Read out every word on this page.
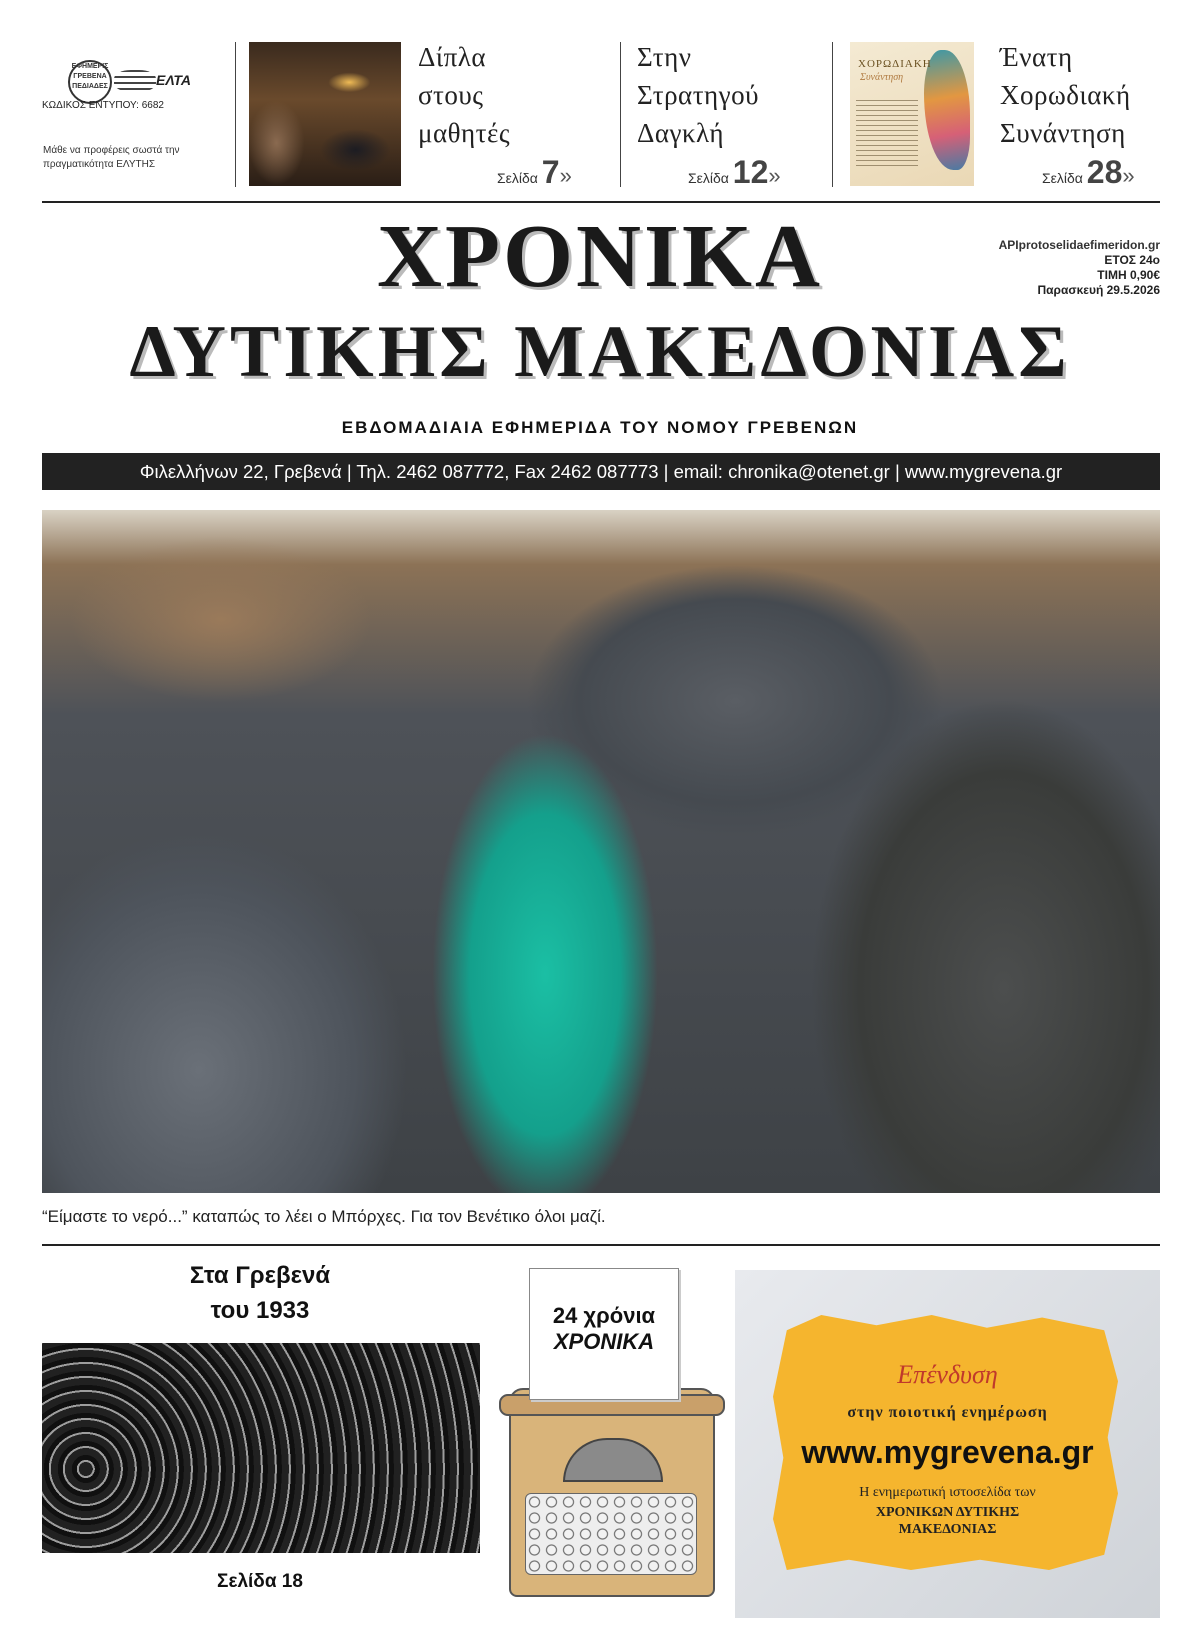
ΕΦΗΜΕΡΙΣ ΓΡΕΒΕΝΑ ΠΕΔΙΑΔΕΣ	ΕΛΤΑ
ΚΩΔΙΚΟΣ ΕΝΤΥΠΟΥ: 6682
Μάθε να προφέρεις σωστά την πραγματικότητα ΕΛΥΤΗΣ
Δίπλα
στους
μαθητές
Σελίδα 7»
Στην
Στρατηγού
Δαγκλή
Σελίδα 12»
ΧΟΡΩΔΙΑΚΗ
Συνάντηση
Ένατη
Χορωδιακή
Συνάντηση
Σελίδα 28»
ΧΡΟΝΙΚΑ
ΔΥΤΙΚΗΣ ΜΑΚΕΔΟΝΙΑΣ
ΑΡΙprotoselidaefimeridon.gr
ΕΤΟΣ 24ο
ΤΙΜΗ 0,90€
Παρασκευή 29.5.2026
ΕΒΔΟΜΑΔΙΑΙΑ ΕΦΗΜΕΡΙΔΑ ΤΟΥ ΝΟΜΟΥ ΓΡΕΒΕΝΩΝ
Φιλελλήνων 22, Γρεβενά | Τηλ. 2462 087772, Fax 2462 087773 | email: chronika@otenet.gr | www.mygrevena.gr
“Είμαστε το νερό...” καταπώς το λέει ο Μπόρχες. Για τον Βενέτικο όλοι μαζί.
Στα Γρεβενά
του 1933
Σελίδα 18
24 χρόνια
ΧΡΟΝΙΚΑ
Επένδυση
στην ποιοτική ενημέρωση
www.mygrevena.gr
Η ενημερωτική ιστοσελίδα των
ΧΡΟΝΙΚΩΝ ΔΥΤΙΚΗΣ ΜΑΚΕΔΟΝΙΑΣ
